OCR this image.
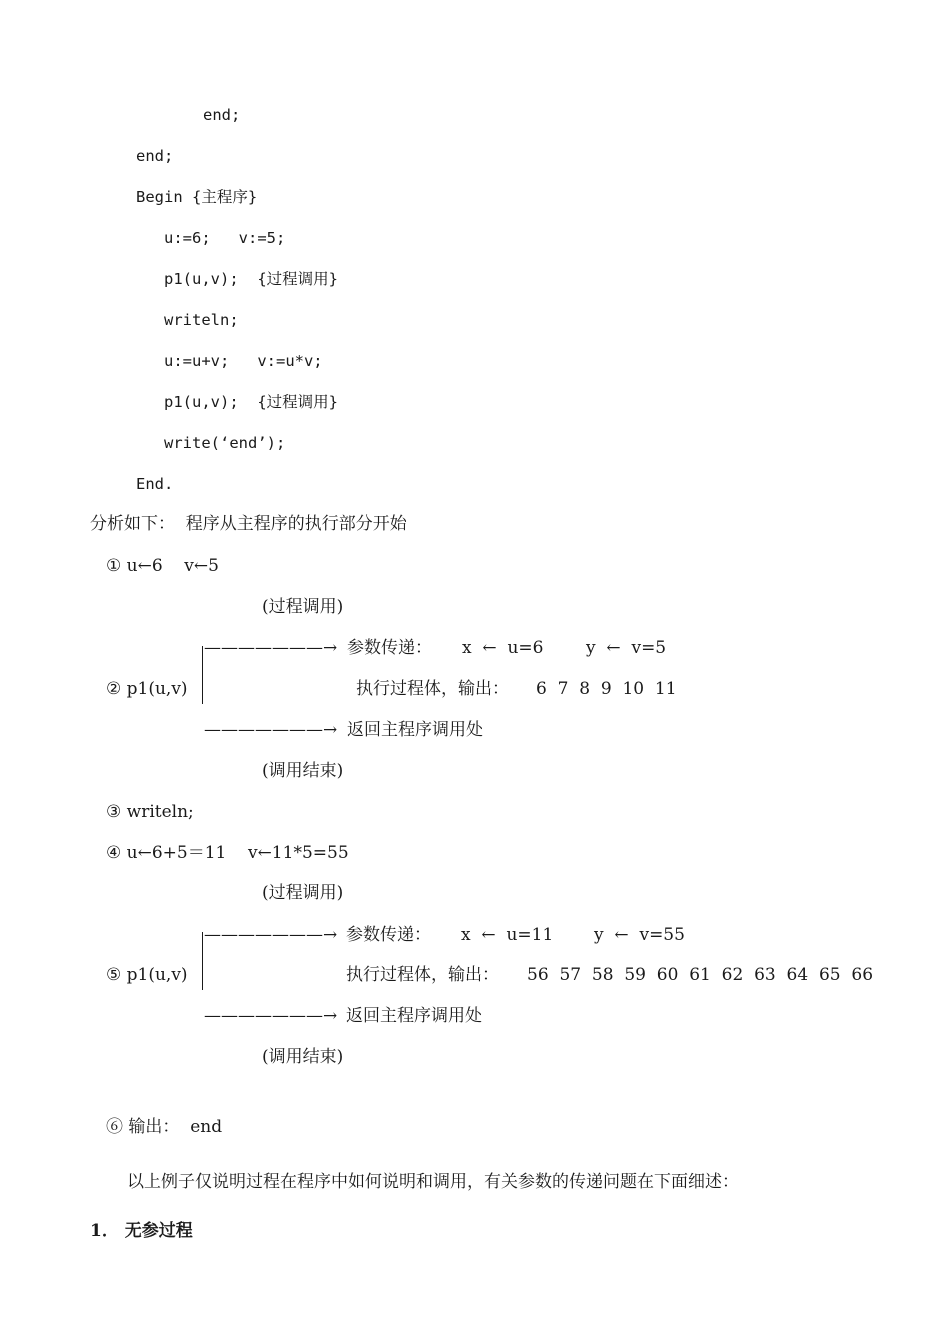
end;
end;
Begin {主程序}
u:=6;   v:=5;
p1(u,v);  {过程调用}
writeln;
u:=u+v;   v:=u*v;
p1(u,v);  {过程调用}
write(‘end’);
End.
分析如下：  程序从主程序的执行部分开始
① u←6    v←5
(过程调用)
———————→ 参数传递： x  ←  u=6	y  ←  v=5
② p1(u,v)	执行过程体，输出： 6  7  8  9  10  11
———————→ 返回主程序调用处
(调用结束)
③ writeln;
④ u←6+5＝11    v←11*5=55
(过程调用)
———————→ 参数传递： x  ←  u=11 y  ←  v=55
⑤ p1(u,v)	执行过程体，输出： 56  57  58  59  60  61  62  63  64  65  66
———————→ 返回主程序调用处
(调用结束)
⑥ 输出：  end
以上例子仅说明过程在程序中如何说明和调用，有关参数的传递问题在下面细述：
1． 无参过程
